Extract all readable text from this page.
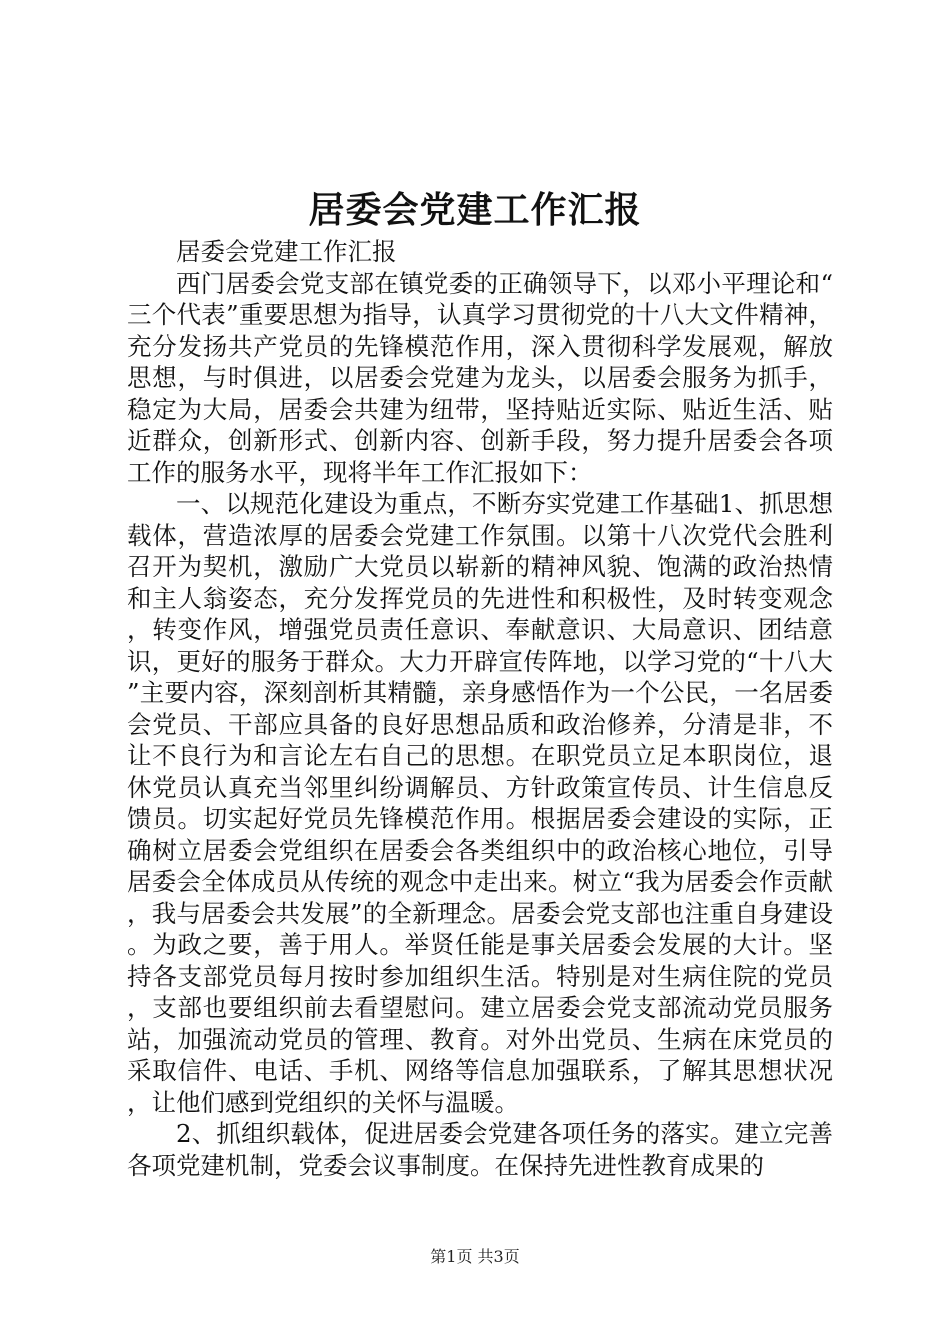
居委会党建工作汇报

居委会党建工作汇报

西门居委会党支部在镇党委的正确领导下，以邓小平理论和“三个代表”重要思想为指导，认真学习贯彻党的十八大文件精神，充分发扬共产党员的先锋模范作用，深入贯彻科学发展观，解放思想，与时俱进，以居委会党建为龙头，以居委会服务为抓手，稳定为大局，居委会共建为纽带，坚持贴近实际、贴近生活、贴近群众，创新形式、创新内容、创新手段，努力提升居委会各项工作的服务水平，现将半年工作汇报如下：

一、以规范化建设为重点，不断夯实党建工作基础1、抓思想载体，营造浓厚的居委会党建工作氛围。以第十八次党代会胜利召开为契机，激励广大党员以崭新的精神风貌、饱满的政治热情和主人翁姿态，充分发挥党员的先进性和积极性，及时转变观念，转变作风，增强党员责任意识、奉献意识、大局意识、团结意识，更好的服务于群众。大力开辟宣传阵地，以学习党的“十八大”主要内容，深刻剖析其精髓，亲身感悟作为一个公民，一名居委会党员、干部应具备的良好思想品质和政治修养，分清是非，不让不良行为和言论左右自己的思想。在职党员立足本职岗位，退休党员认真充当邻里纠纷调解员、方针政策宣传员、计生信息反馈员。切实起好党员先锋模范作用。根据居委会建设的实际，正确树立居委会党组织在居委会各类组织中的政治核心地位，引导居委会全体成员从传统的观念中走出来。树立“我为居委会作贡献，我与居委会共发展”的全新理念。居委会党支部也注重自身建设。为政之要，善于用人。举贤任能是事关居委会发展的大计。坚持各支部党员每月按时参加组织生活。特别是对生病住院的党员，支部也要组织前去看望慰问。建立居委会党支部流动党员服务站，加强流动党员的管理、教育。对外出党员、生病在床党员的采取信件、电话、手机、网络等信息加强联系，了解其思想状况，让他们感到党组织的关怀与温暖。

2、抓组织载体，促进居委会党建各项任务的落实。建立完善各项党建机制，党委会议事制度。在保持先进性教育成果的

第1页 共3页
